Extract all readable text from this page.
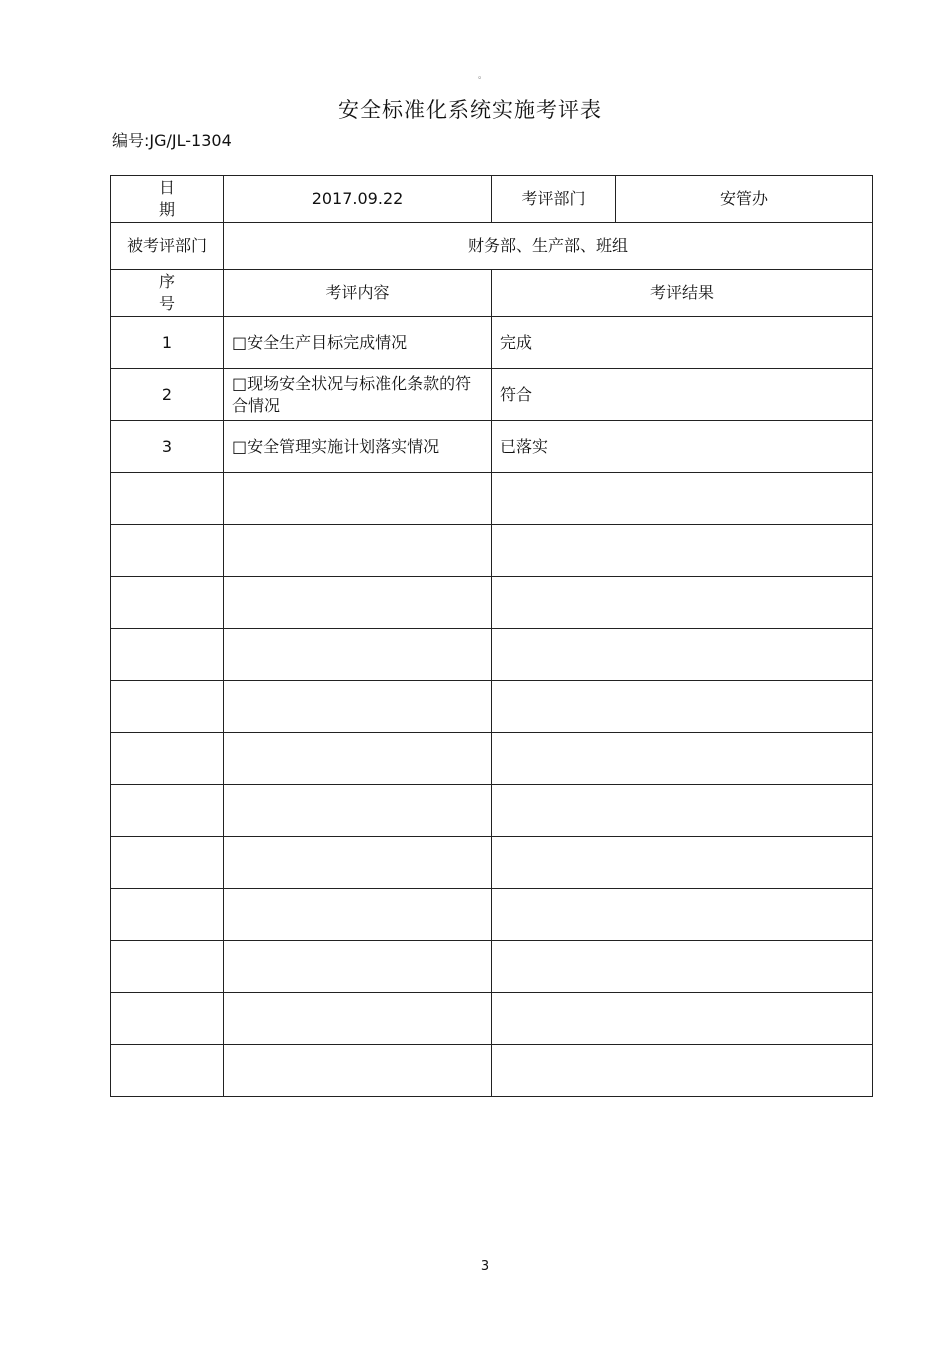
。
安全标准化系统实施考评表
编号:JG/JL-1304
日期	2017.09.22	考评部门	安管办
被考评部门	财务部、生产部、班组		
序号	考评内容	考评结果	
1	□安全生产目标完成情况	完成	
2	□现场安全状况与标准化条款的符合情况	符合	
3	□安全管理实施计划落实情况	已落实	

3
